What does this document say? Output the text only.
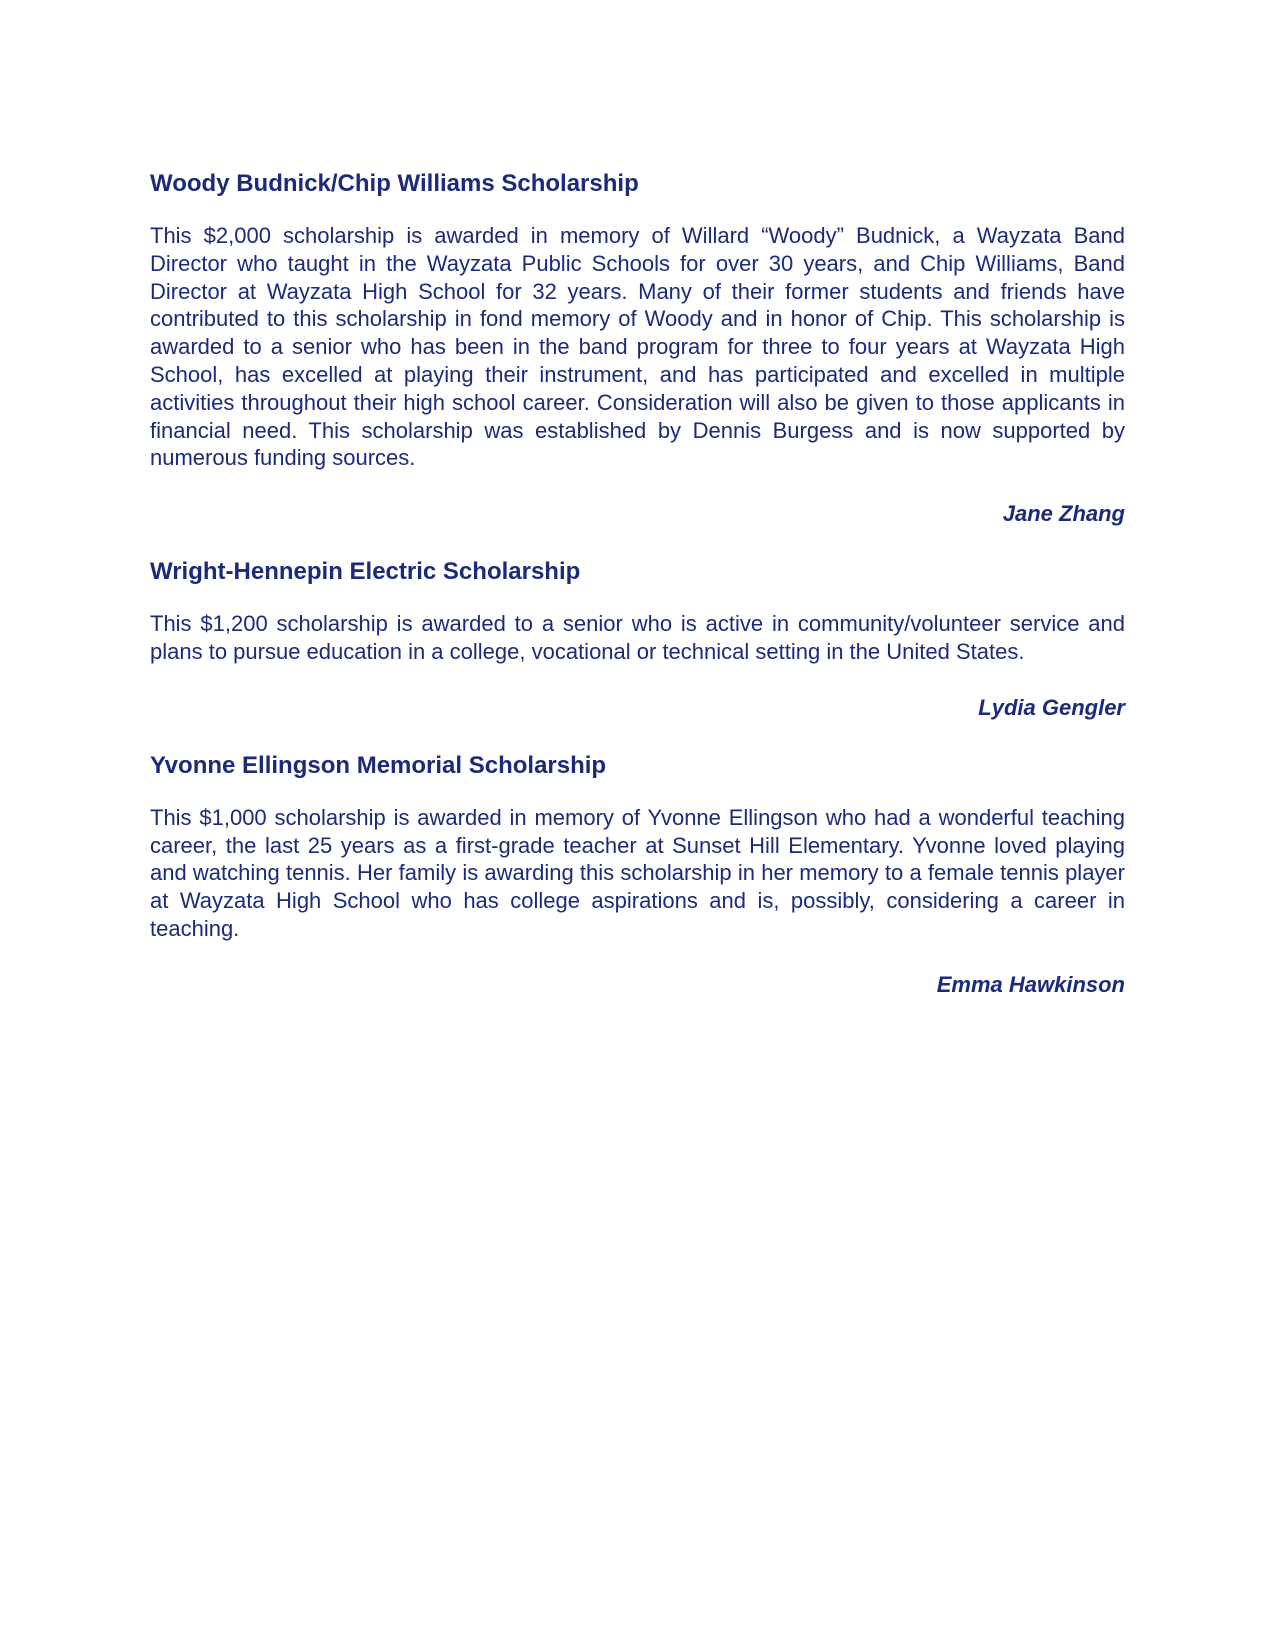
Woody Budnick/Chip Williams Scholarship

This $2,000 scholarship is awarded in memory of Willard “Woody” Budnick, a Wayzata Band Director who taught in the Wayzata Public Schools for over 30 years, and Chip Williams, Band Director at Wayzata High School for 32 years. Many of their former students and friends have contributed to this scholarship in fond memory of Woody and in honor of Chip. This scholarship is awarded to a senior who has been in the band program for three to four years at Wayzata High School, has excelled at playing their instrument, and has participated and excelled in multiple activities throughout their high school career. Consideration will also be given to those applicants in financial need. This scholarship was established by Dennis Burgess and is now supported by numerous funding sources.

Jane Zhang

Wright-Hennepin Electric Scholarship

This $1,200 scholarship is awarded to a senior who is active in community/volunteer service and plans to pursue education in a college, vocational or technical setting in the United States.

Lydia Gengler

Yvonne Ellingson Memorial Scholarship

This $1,000 scholarship is awarded in memory of Yvonne Ellingson who had a wonderful teaching career, the last 25 years as a first-grade teacher at Sunset Hill Elementary. Yvonne loved playing and watching tennis. Her family is awarding this scholarship in her memory to a female tennis player at Wayzata High School who has college aspirations and is, possibly, considering a career in teaching.

Emma Hawkinson
